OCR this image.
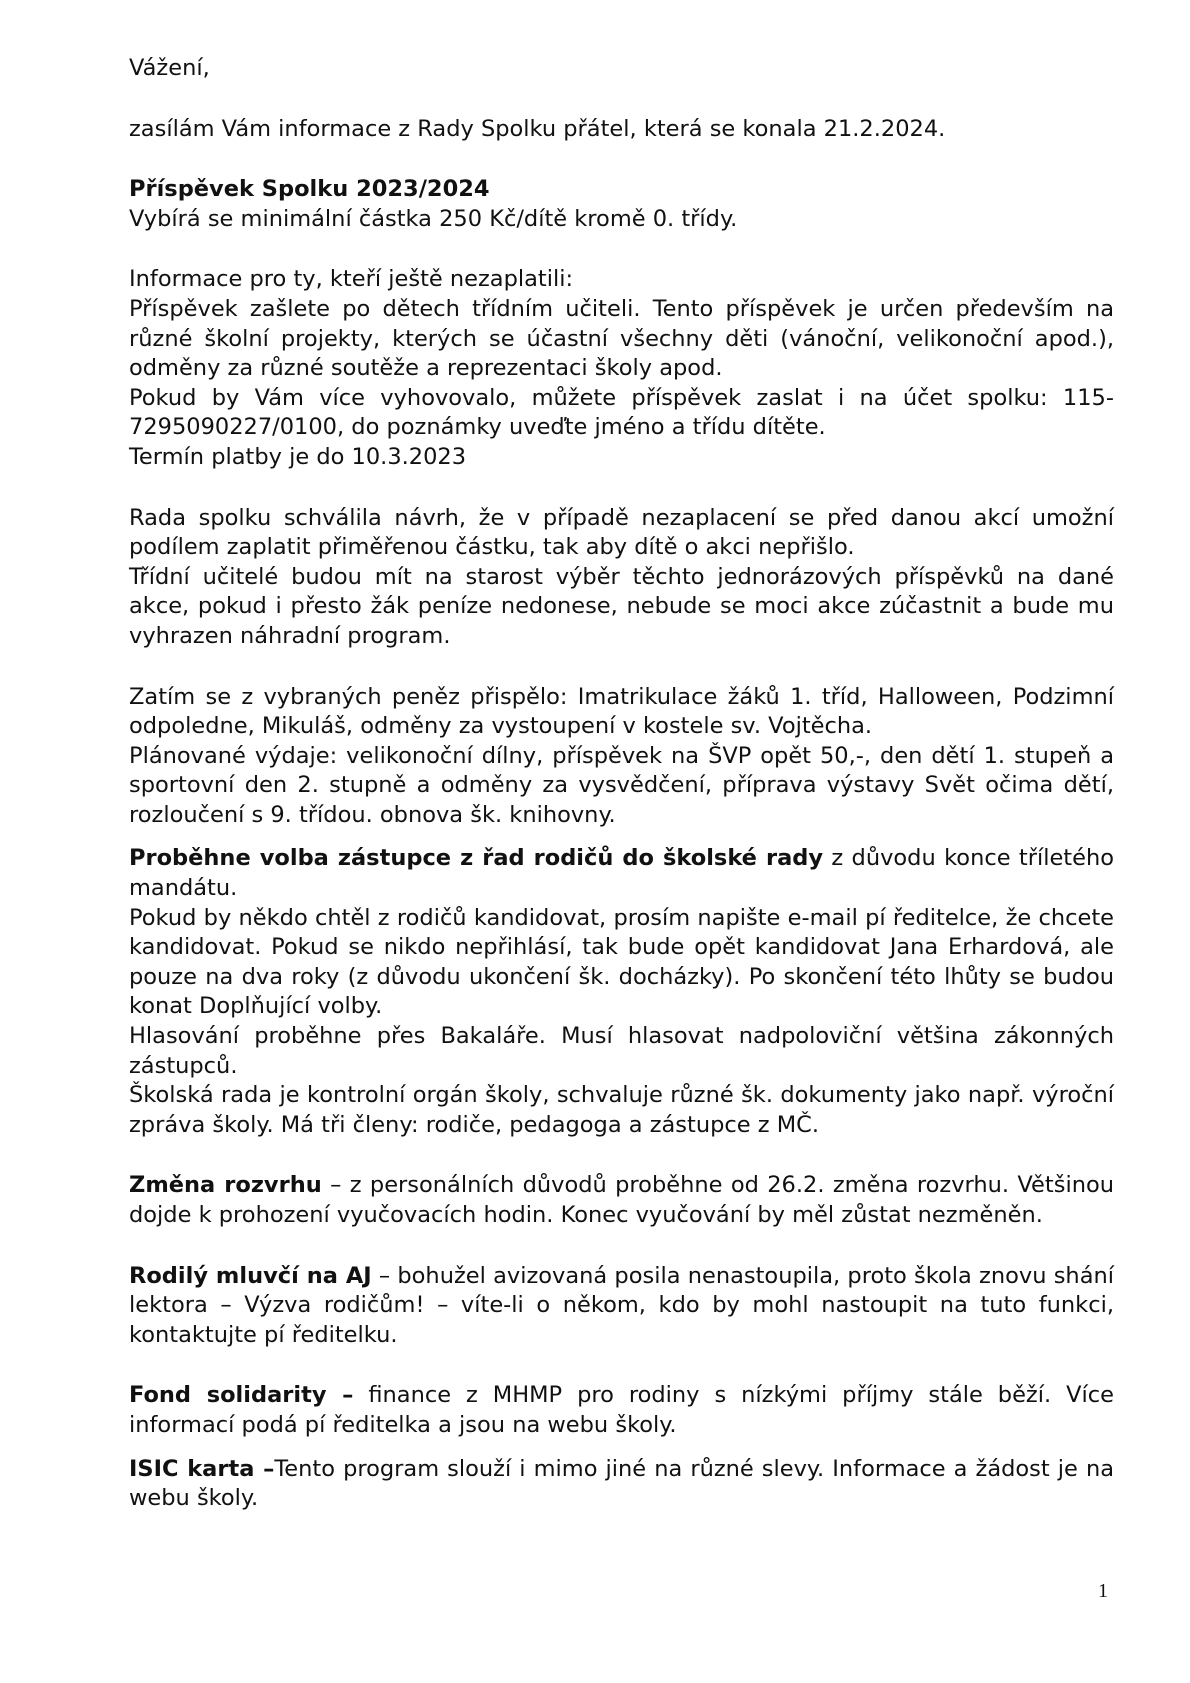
Vážení,

zasílám Vám informace z Rady Spolku přátel, která se konala 21.2.2024.

Příspěvek Spolku 2023/2024

Vybírá se minimální částka 250 Kč/dítě kromě 0. třídy.

Informace pro ty, kteří ještě nezaplatili:

Příspěvek zašlete po dětech třídním učiteli. Tento příspěvek je určen především na různé školní projekty, kterých se účastní všechny děti (vánoční, velikonoční apod.), odměny za různé soutěže a reprezentaci školy apod.

Pokud by Vám více vyhovovalo, můžete příspěvek zaslat i na účet spolku: 115-7295090227/0100, do poznámky uveďte jméno a třídu dítěte.

Termín platby je do 10.3.2023

Rada spolku schválila návrh, že v případě nezaplacení se před danou akcí umožní podílem zaplatit přiměřenou částku, tak aby dítě o akci nepřišlo.

Třídní učitelé budou mít na starost výběr těchto jednorázových příspěvků na dané akce, pokud i přesto žák peníze nedonese, nebude se moci akce zúčastnit a bude mu vyhrazen náhradní program.

Zatím se z vybraných peněz přispělo: Imatrikulace žáků 1. tříd, Halloween, Podzimní odpoledne, Mikuláš, odměny za vystoupení v kostele sv. Vojtěcha.

Plánované výdaje: velikonoční dílny, příspěvek na ŠVP opět 50,-, den dětí 1. stupeň a sportovní den 2. stupně a odměny za vysvědčení, příprava výstavy Svět očima dětí, rozloučení s 9. třídou. obnova šk. knihovny.

Proběhne volba zástupce z řad rodičů do školské rady z důvodu konce tříletého mandátu.

Pokud by někdo chtěl z rodičů kandidovat, prosím napište e-mail pí ředitelce, že chcete kandidovat. Pokud se nikdo nepřihlásí, tak bude opět kandidovat Jana Erhardová, ale pouze na dva roky (z důvodu ukončení šk. docházky). Po skončení této lhůty se budou konat Doplňující volby.

Hlasování proběhne přes Bakaláře. Musí hlasovat nadpoloviční většina zákonných zástupců.

Školská rada je kontrolní orgán školy, schvaluje různé šk. dokumenty jako např. výroční zpráva školy. Má tři členy: rodiče, pedagoga a zástupce z MČ.

Změna rozvrhu – z personálních důvodů proběhne od 26.2. změna rozvrhu. Většinou dojde k prohození vyučovacích hodin. Konec vyučování by měl zůstat nezměněn.

Rodilý mluvčí na AJ – bohužel avizovaná posila nenastoupila, proto škola znovu shání lektora – Výzva rodičům! – víte-li o někom, kdo by mohl nastoupit na tuto funkci, kontaktujte pí ředitelku.

Fond solidarity – finance z MHMP pro rodiny s nízkými příjmy stále běží. Více informací podá pí ředitelka a jsou na webu školy.

ISIC karta –Tento program slouží i mimo jiné na různé slevy. Informace a žádost je na webu školy.

1
